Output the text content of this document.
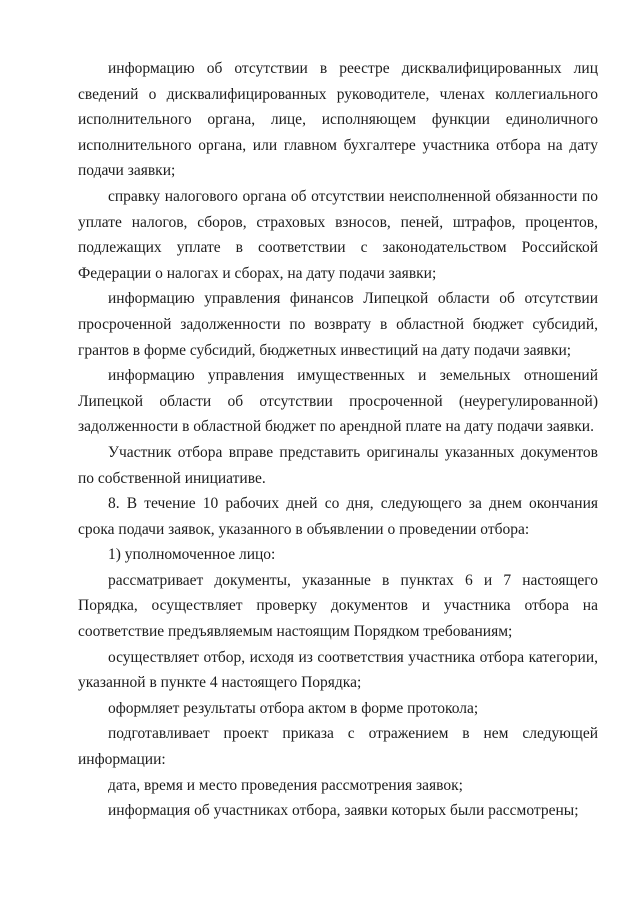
информацию об отсутствии в реестре дисквалифицированных лиц сведений о дисквалифицированных руководителе, членах коллегиального исполнительного органа, лице, исполняющем функции единоличного исполнительного органа, или главном бухгалтере участника отбора на дату подачи заявки;

справку налогового органа об отсутствии неисполненной обязанности по уплате налогов, сборов, страховых взносов, пеней, штрафов, процентов, подлежащих уплате в соответствии с законодательством Российской Федерации о налогах и сборах, на дату подачи заявки;

информацию управления финансов Липецкой области об отсутствии просроченной задолженности по возврату в областной бюджет субсидий, грантов в форме субсидий, бюджетных инвестиций на дату подачи заявки;

информацию управления имущественных и земельных отношений Липецкой области об отсутствии просроченной (неурегулированной) задолженности в областной бюджет по арендной плате на дату подачи заявки.

Участник отбора вправе представить оригиналы указанных документов по собственной инициативе.

8. В течение 10 рабочих дней со дня, следующего за днем окончания срока подачи заявок, указанного в объявлении о проведении отбора:

1) уполномоченное лицо:

рассматривает документы, указанные в пунктах 6 и 7 настоящего Порядка, осуществляет проверку документов и участника отбора на соответствие предъявляемым настоящим Порядком требованиям;

осуществляет отбор, исходя из соответствия участника отбора категории, указанной в пункте 4 настоящего Порядка;

оформляет результаты отбора актом в форме протокола;

подготавливает проект приказа с отражением в нем следующей информации:

дата, время и место проведения рассмотрения заявок;

информация об участниках отбора, заявки которых были рассмотрены;
